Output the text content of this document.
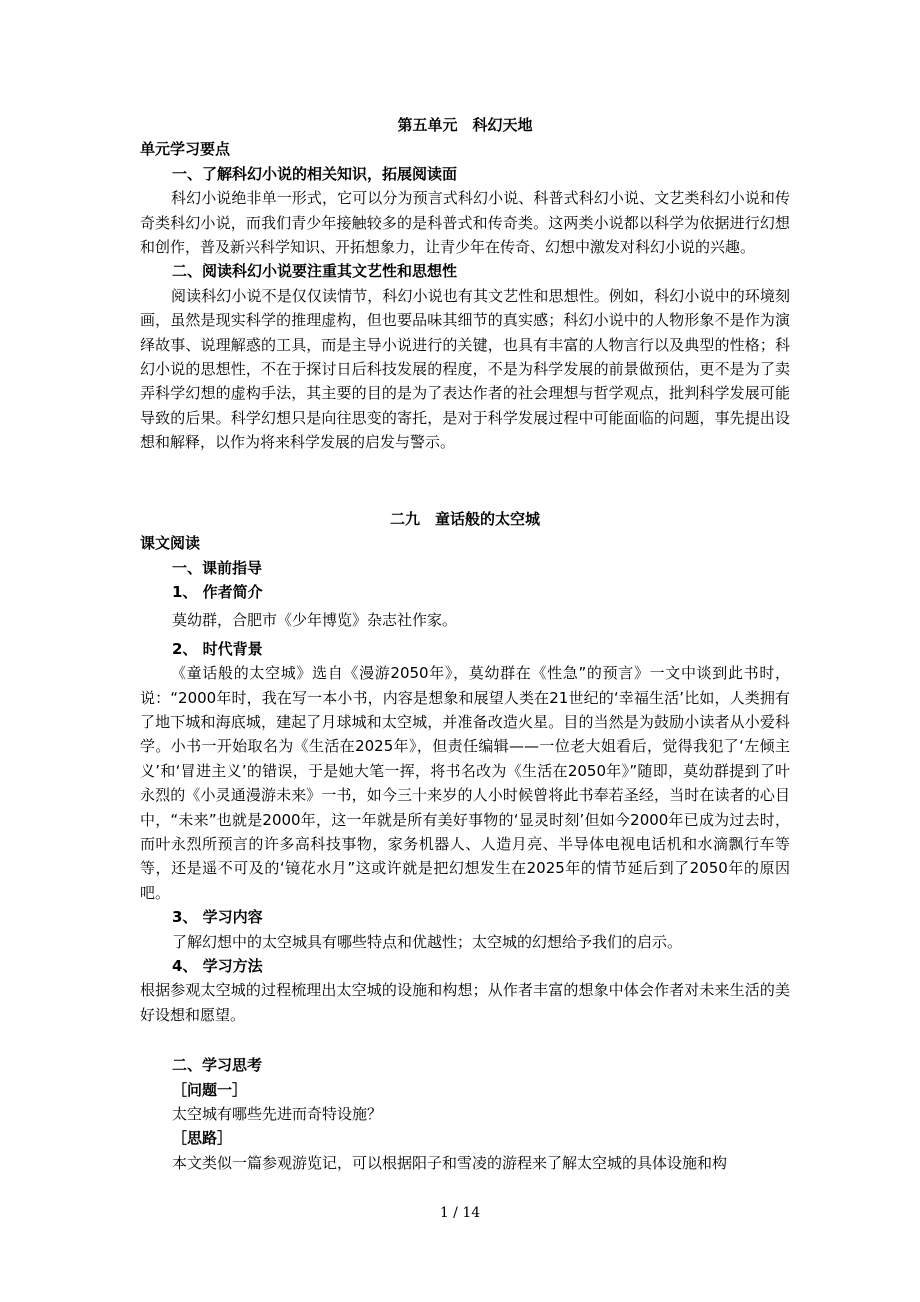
第五单元　科幻天地

单元学习要点

一、了解科幻小说的相关知识，拓展阅读面

科幻小说绝非单一形式，它可以分为预言式科幻小说、科普式科幻小说、文艺类科幻小说和传奇类科幻小说，而我们青少年接触较多的是科普式和传奇类。这两类小说都以科学为依据进行幻想和创作，普及新兴科学知识、开拓想象力，让青少年在传奇、幻想中激发对科幻小说的兴趣。

二、阅读科幻小说要注重其文艺性和思想性

阅读科幻小说不是仅仅读情节，科幻小说也有其文艺性和思想性。例如，科幻小说中的环境刻画，虽然是现实科学的推理虚构，但也要品味其细节的真实感；科幻小说中的人物形象不是作为演绎故事、说理解惑的工具，而是主导小说进行的关键，也具有丰富的人物言行以及典型的性格；科幻小说的思想性，不在于探讨日后科技发展的程度，不是为科学发展的前景做预估，更不是为了卖弄科学幻想的虚构手法，其主要的目的是为了表达作者的社会理想与哲学观点，批判科学发展可能导致的后果。科学幻想只是向往思变的寄托，是对于科学发展过程中可能面临的问题，事先提出设想和解释，以作为将来科学发展的启发与警示。

二九　童话般的太空城

课文阅读

一、课前指导

1、 作者简介

莫幼群，合肥市《少年博览》杂志社作家。

2、 时代背景

《童话般的太空城》选自《漫游2050年》，莫幼群在《性急”的预言》一文中谈到此书时，说：“2000年时，我在写一本小书，内容是想象和展望人类在21世纪的‘幸福生活’比如，人类拥有了地下城和海底城，建起了月球城和太空城，并准备改造火星。目的当然是为鼓励小读者从小爱科学。小书一开始取名为《生活在2025年》，但责任编辑——一位老大姐看后，觉得我犯了‘左倾主义’和‘冒进主义’的错误，于是她大笔一挥，将书名改为《生活在2050年》”随即，莫幼群提到了叶永烈的《小灵通漫游未来》一书，如今三十来岁的人小时候曾将此书奉若圣经，当时在读者的心目中，“未来”也就是2000年，这一年就是所有美好事物的‘显灵时刻’但如今2000年已成为过去时，而叶永烈所预言的许多高科技事物，家务机器人、人造月亮、半导体电视电话机和水滴飘行车等等，还是遥不可及的‘镜花水月”这或许就是把幻想发生在2025年的情节延后到了2050年的原因吧。

3、 学习内容

了解幻想中的太空城具有哪些特点和优越性；太空城的幻想给予我们的启示。

4、 学习方法

根据参观太空城的过程梳理出太空城的设施和构想；从作者丰富的想象中体会作者对未来生活的美好设想和愿望。

二、学习思考

［问题一］

太空城有哪些先进而奇特设施？

［思路］

本文类似一篇参观游览记，可以根据阳子和雪凌的游程来了解太空城的具体设施和构

1 / 14
